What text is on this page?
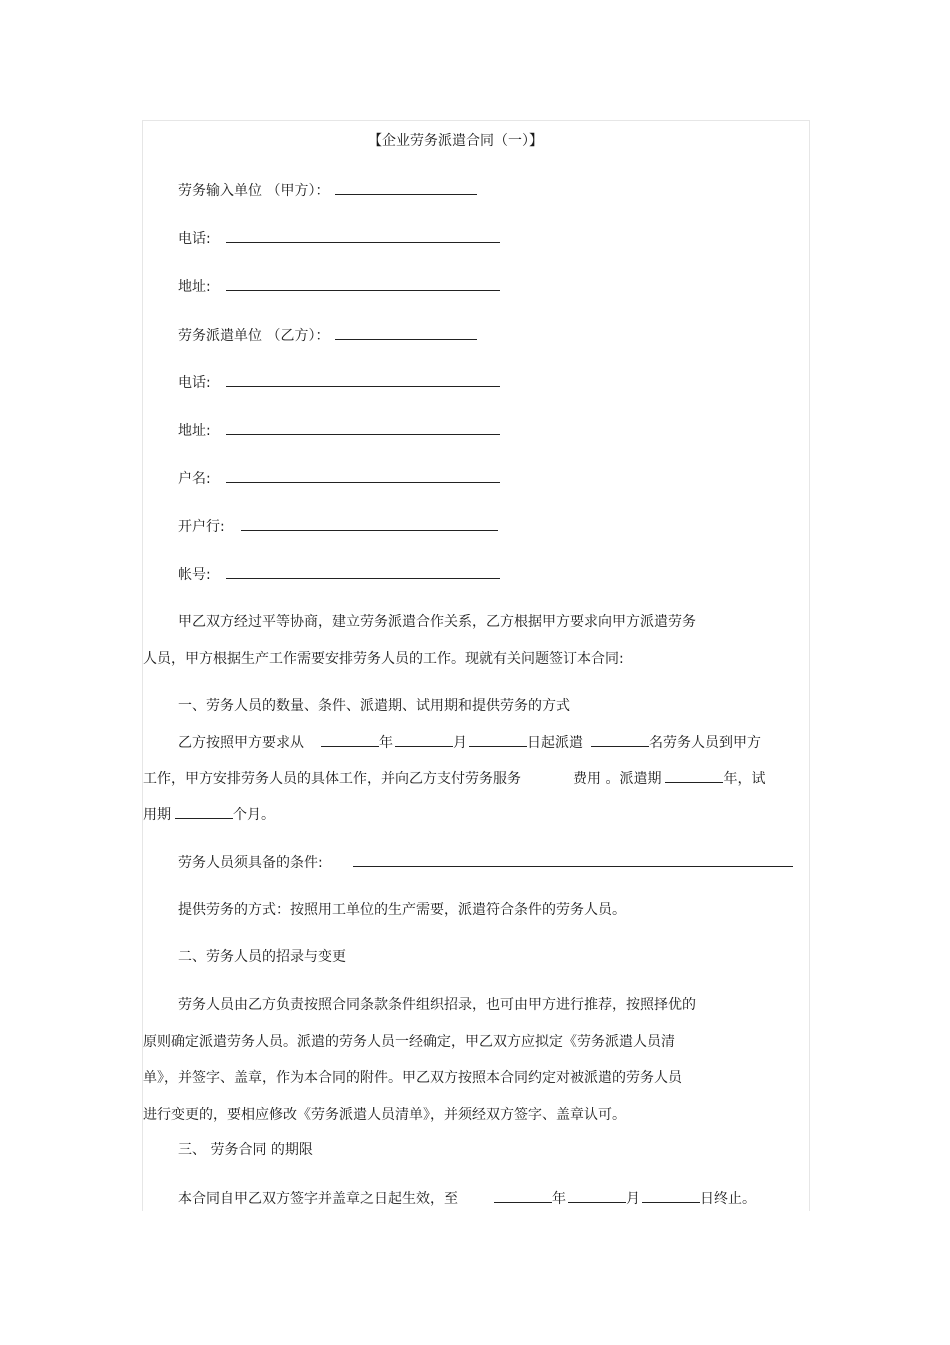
【企业劳务派遣合同（一）】
劳务输入单位 （甲方）：
电话:
地址:
劳务派遣单位 （乙方）：
电话:
地址:
户名:
开户行:
帐号:
甲乙双方经过平等协商，建立劳务派遣合作关系，乙方根据甲方要求向甲方派遣劳务
人员，甲方根据生产工作需要安排劳务人员的工作。现就有关问题签订本合同:
一、劳务人员的数量、条件、派遣期、试用期和提供劳务的方式
乙方按照甲方要求从	年	月	日起派遣	名劳务人员到甲方
工作，甲方安排劳务人员的具体工作，并向乙方支付劳务服务	费用 。派遣期	年，试
用期	个月。
劳务人员须具备的条件:
提供劳务的方式：按照用工单位的生产需要，派遣符合条件的劳务人员。
二、劳务人员的招录与变更
劳务人员由乙方负责按照合同条款条件组织招录，也可由甲方进行推荐，按照择优的
原则确定派遣劳务人员。派遣的劳务人员一经确定，甲乙双方应拟定《劳务派遣人员清
单》，并签字、盖章，作为本合同的附件。甲乙双方按照本合同约定对被派遣的劳务人员
进行变更的，要相应修改《劳务派遣人员清单》，并须经双方签字、盖章认可。
三、 劳务合同 的期限
本合同自甲乙双方签字并盖章之日起生效，至	年	月	日终止。
